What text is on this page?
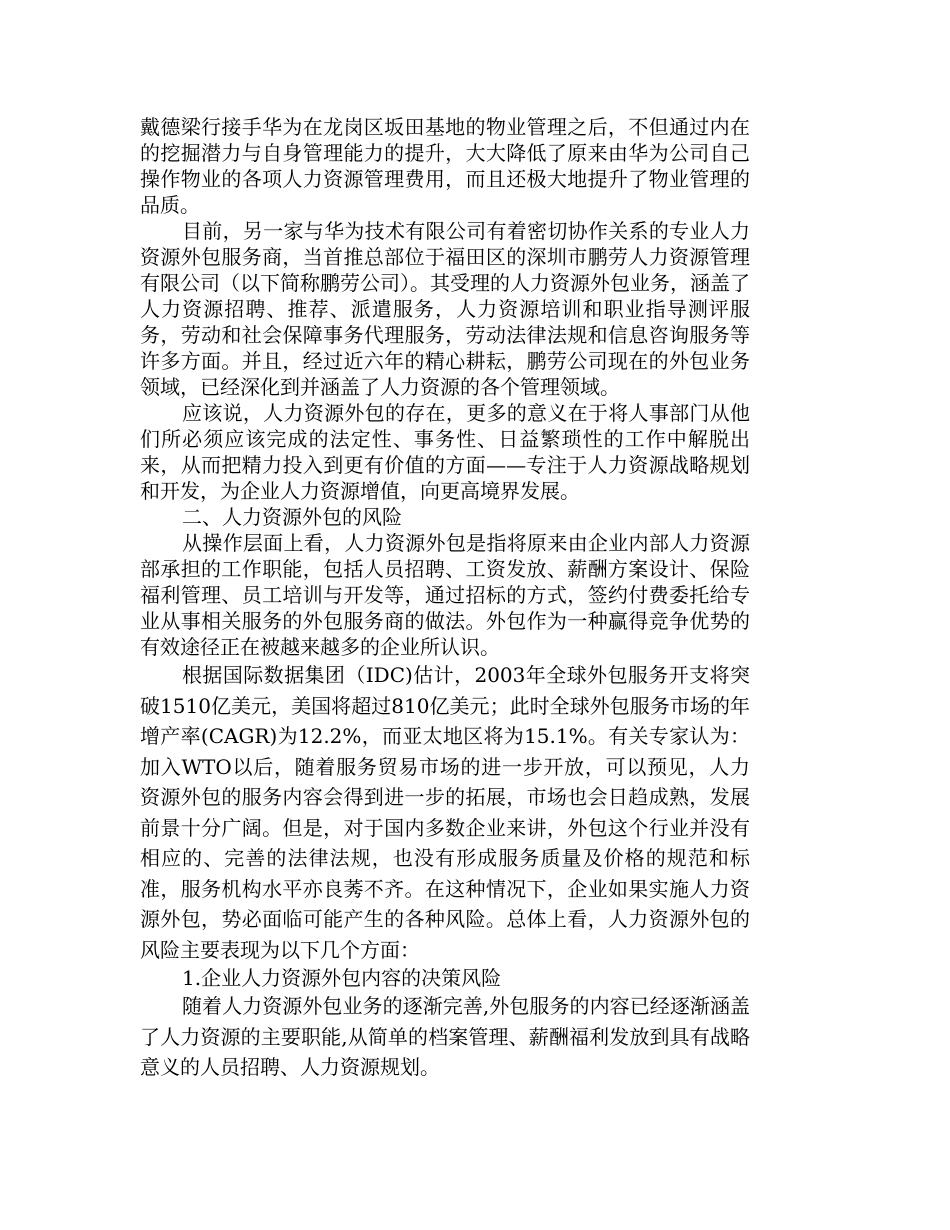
戴德梁行接手华为在龙岗区坂田基地的物业管理之后，不但通过内在的挖掘潜力与自身管理能力的提升，大大降低了原来由华为公司自己操作物业的各项人力资源管理费用，而且还极大地提升了物业管理的品质。

目前，另一家与华为技术有限公司有着密切协作关系的专业人力资源外包服务商，当首推总部位于福田区的深圳市鹏劳人力资源管理有限公司（以下简称鹏劳公司）。其受理的人力资源外包业务，涵盖了人力资源招聘、推荐、派遣服务，人力资源培训和职业指导测评服务，劳动和社会保障事务代理服务，劳动法律法规和信息咨询服务等许多方面。并且，经过近六年的精心耕耘，鹏劳公司现在的外包业务领域，已经深化到并涵盖了人力资源的各个管理领域。

应该说，人力资源外包的存在，更多的意义在于将人事部门从他们所必须应该完成的法定性、事务性、日益繁琐性的工作中解脱出来，从而把精力投入到更有价值的方面——专注于人力资源战略规划和开发，为企业人力资源增值，向更高境界发展。

二、人力资源外包的风险

从操作层面上看，人力资源外包是指将原来由企业内部人力资源部承担的工作职能，包括人员招聘、工资发放、薪酬方案设计、保险福利管理、员工培训与开发等，通过招标的方式，签约付费委托给专业从事相关服务的外包服务商的做法。外包作为一种赢得竞争优势的有效途径正在被越来越多的企业所认识。

根据国际数据集团（IDC)估计，2003年全球外包服务开支将突破1510亿美元，美国将超过810亿美元；此时全球外包服务市场的年增产率(CAGR)为12.2%，而亚太地区将为15.1%。有关专家认为：加入WTO以后，随着服务贸易市场的进一步开放，可以预见，人力资源外包的服务内容会得到进一步的拓展，市场也会日趋成熟，发展前景十分广阔。但是，对于国内多数企业来讲，外包这个行业并没有相应的、完善的法律法规，也没有形成服务质量及价格的规范和标准，服务机构水平亦良莠不齐。在这种情况下，企业如果实施人力资源外包，势必面临可能产生的各种风险。总体上看，人力资源外包的风险主要表现为以下几个方面：

1.企业人力资源外包内容的决策风险

随着人力资源外包业务的逐渐完善,外包服务的内容已经逐渐涵盖了人力资源的主要职能,从简单的档案管理、薪酬福利发放到具有战略意义的人员招聘、人力资源规划。
